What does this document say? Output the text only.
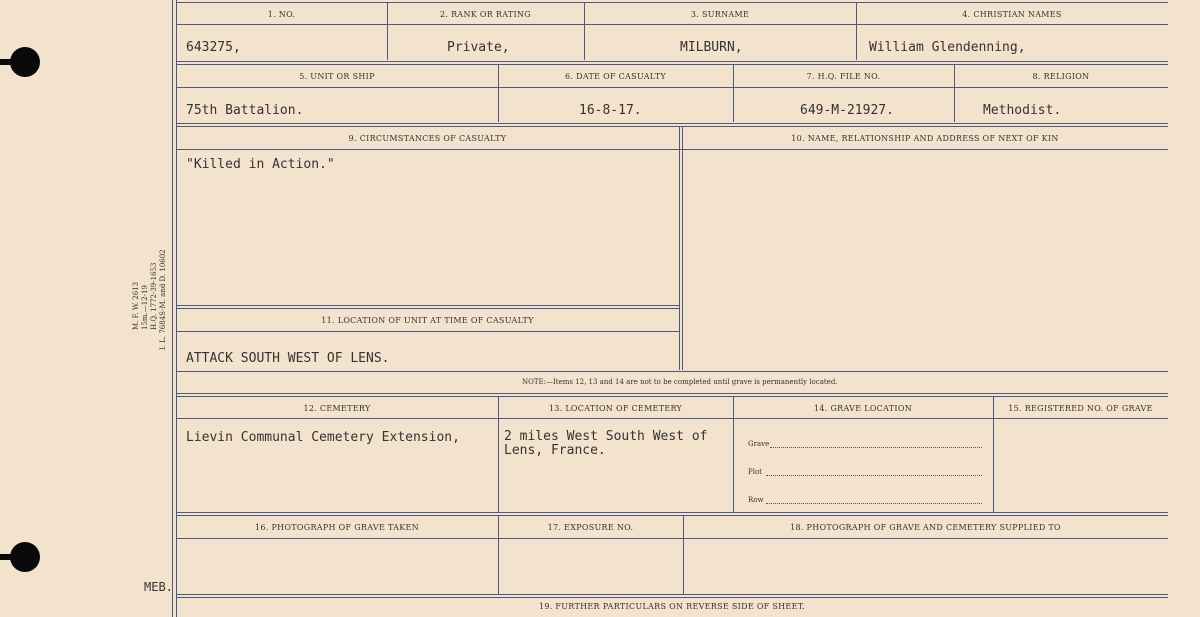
M. F. W. 2613 15m.—12-19 H.Q. 1772-39-1653 I. L. 7684S-M. and D. 10602
1. NO.	2. RANK OR RATING	3. SURNAME	4. CHRISTIAN NAMES
643275,	Private,	MILBURN,	William Glendenning,
5. UNIT OR SHIP	6. DATE OF CASUALTY	7. H.Q. FILE NO.	8. RELIGION
75th Battalion.	16-8-17.	649-M-21927.	Methodist.
9. CIRCUMSTANCES OF CASUALTY	10. NAME, RELATIONSHIP AND ADDRESS OF NEXT OF KIN
"Killed in Action."
11. LOCATION OF UNIT AT TIME OF CASUALTY
ATTACK SOUTH WEST OF LENS.
NOTE:—Items 12, 13 and 14 are not to be completed until grave is permanently located.
12. CEMETERY	13. LOCATION OF CEMETERY	14. GRAVE LOCATION	15. REGISTERED NO. OF GRAVE
Lievin Communal Cemetery Extension,	2 miles West South West of Lens, France.	Grave
Plot
Row
16. PHOTOGRAPH OF GRAVE TAKEN	17. EXPOSURE NO.	18. PHOTOGRAPH OF GRAVE AND CEMETERY SUPPLIED TO
19. FURTHER PARTICULARS ON REVERSE SIDE OF SHEET.
MEB.
